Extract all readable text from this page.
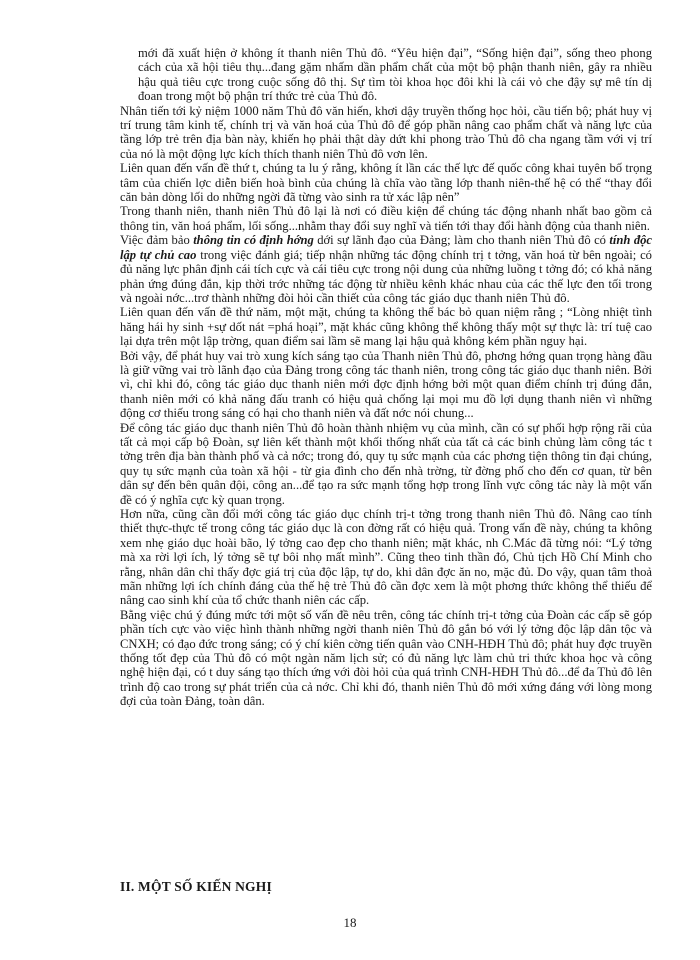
mới đã xuất hiện ở không ít thanh niên Thủ đô. “Yêu hiện đại”, “Sống hiện đại”, sống theo phong cách của xã hội tiêu thụ...đang gặm nhấm dần phẩm chất của một bộ phận thanh niên, gây ra nhiều hậu quả tiêu cực trong cuộc sống đô thị. Sự tìm tòi khoa học đôi khi là cái vỏ che đậy sự mê tín dị đoan trong một bộ phận trí thức trẻ của Thủ đô.

Nhân tiến tới kỷ niệm 1000 năm Thủ đô văn hiến, khơi dậy truyền thống học hỏi, cầu tiến bộ; phát huy vị trí trung tâm kinh tế, chính trị và văn hoá của Thủ đô để góp phần nâng cao phẩm chất và năng lực của tầng lớp trẻ trên địa bàn này, khiến họ phải thật dày dứt khi phong trào Thủ đô cha ngang tầm với vị trí của nó là một động lực kích thích thanh niên Thủ đô vơn lên.

Liên quan đến vấn đề thứ t, chúng ta lu ý rằng, không ít lần các thế lực đế quốc công khai tuyên bố trọng tâm của chiến lợc diễn biến hoà bình của chúng là chĩa vào tầng lớp thanh niên-thế hệ có thể “thay đổi căn bản dòng lối do những ngời đã từng vào sinh ra tử xác lập nên”

Trong thanh niên, thanh niên Thủ đô lại là nơi có điều kiện để chúng tác động nhanh nhất bao gồm cả thông tin, văn hoá phẩm, lối sống...nhằm thay đổi suy nghĩ và tiến tới thay đổi hành động của thanh niên.

Việc đảm bảo thông tin có định hớng dới sự lãnh đạo của Đảng; làm cho thanh niên Thủ đô có tính độc lập tự chủ cao trong việc đánh giá; tiếp nhận những tác động chính trị t tởng, văn hoá từ bên ngoài; có đủ năng lực phân định cái tích cực và cái tiêu cực trong nội dung của những luồng t tởng đó; có khả năng phản ứng đúng đắn, kịp thời trớc những tác động từ nhiều kênh khác nhau của các thế lực đen tối trong và ngoài nớc...trơ thành những đòi hỏi cần thiết của công tác giáo dục thanh niên Thủ đô.

Liên quan đến vấn đề thứ năm, một mặt, chúng ta không thể bác bỏ quan niệm rằng ; “Lòng nhiệt tình hăng hái hy sinh +sự dốt nát =phá hoại”, mặt khác cũng không thể không thấy một sự thực là: trí tuệ cao lại dựa trên một lập trờng, quan điểm sai lầm sẽ mang lại hậu quả không kém phần nguy hại.

Bởi vậy, để phát huy vai trò xung kích sáng tạo của Thanh niên Thủ đô, phơng hớng quan trọng hàng đầu là giữ vững vai trò lãnh đạo của Đảng trong công tác thanh niên, trong công tác giáo dục thanh niên. Bởi vì, chỉ khi đó, công tác giáo dục thanh niên mới đợc định hớng bởi một quan điểm chính trị đúng đắn, thanh niên mới có khả năng đấu tranh có hiệu quả chống lại mọi mu đồ lợi dụng thanh niên vì những động cơ thiếu trong sáng có hại cho thanh niên và đất nớc nói chung...

Để công tác giáo dục thanh niên Thủ đô hoàn thành nhiệm vụ của mình, cần có sự phối hợp rộng rãi của tất cả mọi cấp bộ Đoàn, sự liên kết thành một khối thống nhất của tất cả các binh chủng làm công tác t tởng trên địa bàn thành phố và cả nớc; trong đó, quy tụ sức mạnh của các phơng tiện thông tin đại chúng, quy tụ sức mạnh của toàn xã hội - từ gia đình cho đến nhà trờng, từ đờng phố cho đến cơ quan, từ bên dân sự đến bên quân đội, công an...để tạo ra sức mạnh tổng hợp trong lĩnh vực công tác này là một vấn đề có ý nghĩa cực kỳ quan trọng.

Hơn nữa, cũng cần đổi mới công tác giáo dục chính trị-t tởng trong thanh niên Thủ đô. Nâng cao tính thiết thực-thực tế trong công tác giáo dục là con đờng rất có hiệu quả. Trong vấn đề này, chúng ta không xem nhẹ giáo dục hoài bão, lý tởng cao đẹp cho thanh niên; mặt khác, nh C.Mác đã từng nói: “Lý tởng mà xa rời lợi ích, lý tởng sẽ tự bôi nhọ mất mình”. Cũng theo tinh thần đó, Chủ tịch Hồ Chí Minh cho rằng, nhân dân chỉ thấy đợc giá trị của độc lập, tự do, khi dân đợc ăn no, mặc đủ. Do vậy, quan tâm thoả mãn những lợi ích chính đáng của thế hệ trẻ Thủ đô cần đợc xem là một phơng thức không thể thiếu để nâng cao sinh khí của tổ chức thanh niên các cấp.

Bằng việc chú ý đúng mức tới một số vấn đề nêu trên, công tác chính trị-t tởng của Đoàn các cấp sẽ góp phần tích cực vào việc hình thành những ngời thanh niên Thủ đô gắn bó với lý tởng độc lập dân tộc và CNXH; có đạo đức trong sáng; có ý chí kiên cờng tiến quân vào CNH-HĐH Thủ đô; phát huy đợc truyền thống tốt đẹp của Thủ đô có một ngàn năm lịch sử; có đủ năng lực làm chủ tri thức khoa học và công nghệ hiện đại, có t duy sáng tạo thích ứng với đòi hỏi của quá trình CNH-HĐH Thủ đô...để đa Thủ đô lên trình độ cao trong sự phát triển của cả nớc. Chỉ khi đó, thanh niên Thủ đô mới xứng đáng với lòng mong đợi của toàn Đảng, toàn dân.

II. MỘT SỐ KIẾN NGHỊ
18
